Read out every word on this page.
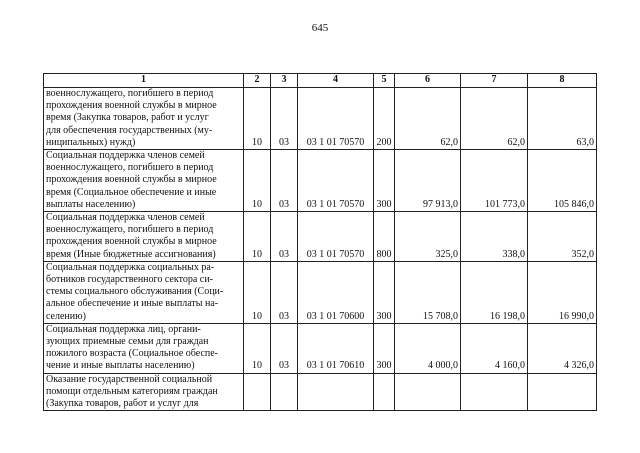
645
1	2	3	4	5	6	7	8

военнослужащего, погибшего в период
прохождения военной службы в мирное
время (Закупка товаров, работ и услуг
для обеспечения государственных (му-
ниципальных) нужд)	10	03	03 1 01 70570	200	62,0	62,0	63,0

Социальная поддержка членов семей
военнослужащего, погибшего в период
прохождения военной службы в мирное
время (Социальное обеспечение и иные
выплаты населению)	10	03	03 1 01 70570	300	97 913,0	101 773,0	105 846,0

Социальная поддержка членов семей
военнослужащего, погибшего в период
прохождения военной службы в мирное
время (Иные бюджетные ассигнования)	10	03	03 1 01 70570	800	325,0	338,0	352,0

Социальная поддержка социальных ра-
ботников государственного сектора си-
стемы социального обслуживания (Соци-
альное обеспечение и иные выплаты на-
селению)	10	03	03 1 01 70600	300	15 708,0	16 198,0	16 990,0

Социальная поддержка лиц, органи-
зующих приемные семьи для граждан
пожилого возраста (Социальное обеспе-
чение и иные выплаты населению)	10	03	03 1 01 70610	300	4 000,0	4 160,0	4 326,0

Оказание государственной социальной
помощи отдельным категориям граждан
(Закупка товаров, работ и услуг для							
